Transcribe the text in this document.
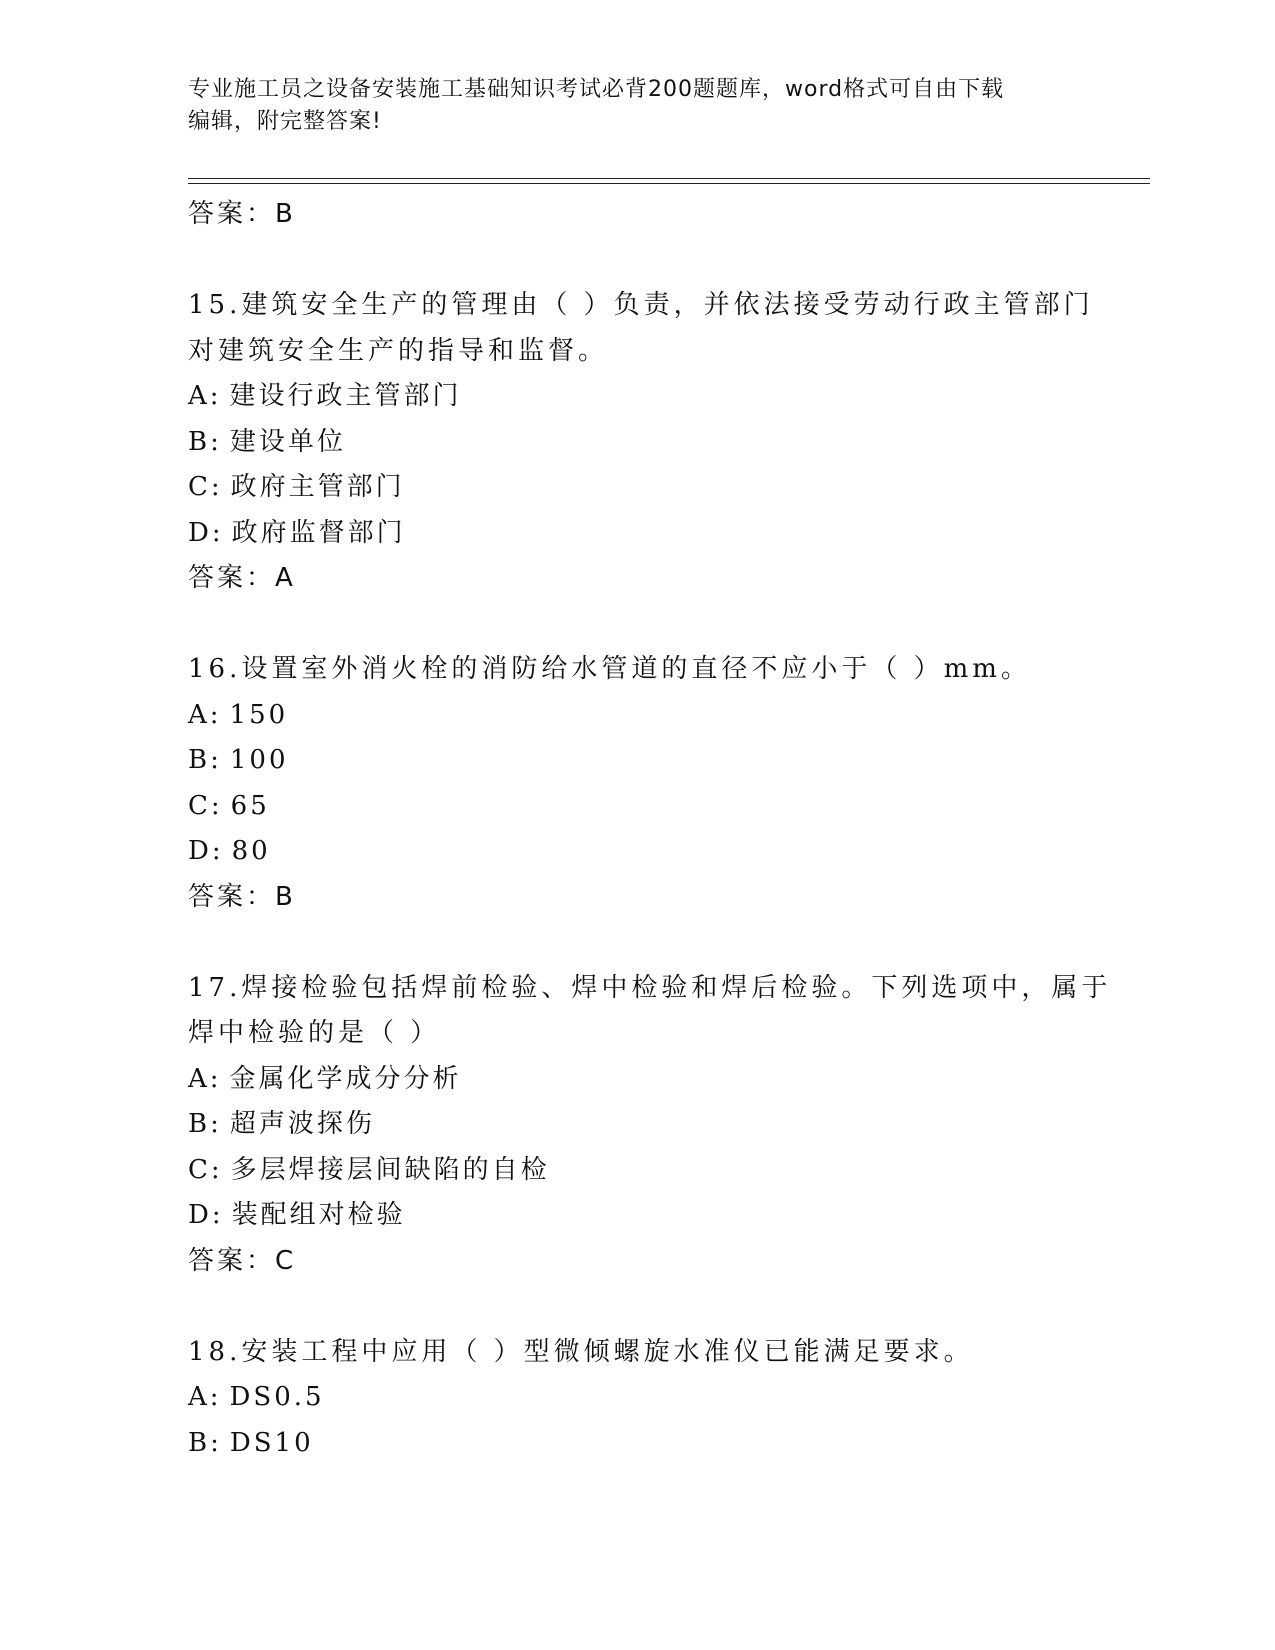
专业施工员之设备安装施工基础知识考试必背200题题库，word格式可自由下载
编辑，附完整答案!
答案：B
15.建筑安全生产的管理由（ ）负责，并依法接受劳动行政主管部门
对建筑安全生产的指导和监督。
A: 建设行政主管部门
B: 建设单位
C: 政府主管部门
D: 政府监督部门
答案：A
16.设置室外消火栓的消防给水管道的直径不应小于（ ）mm。
A: 150
B: 100
C: 65
D: 80
答案：B
17.焊接检验包括焊前检验、焊中检验和焊后检验。下列选项中，属于
焊中检验的是（ ）
A: 金属化学成分分析
B: 超声波探伤
C: 多层焊接层间缺陷的自检
D: 装配组对检验
答案：C
18.安装工程中应用（ ）型微倾螺旋水准仪已能满足要求。
A: DS0.5
B: DS10
